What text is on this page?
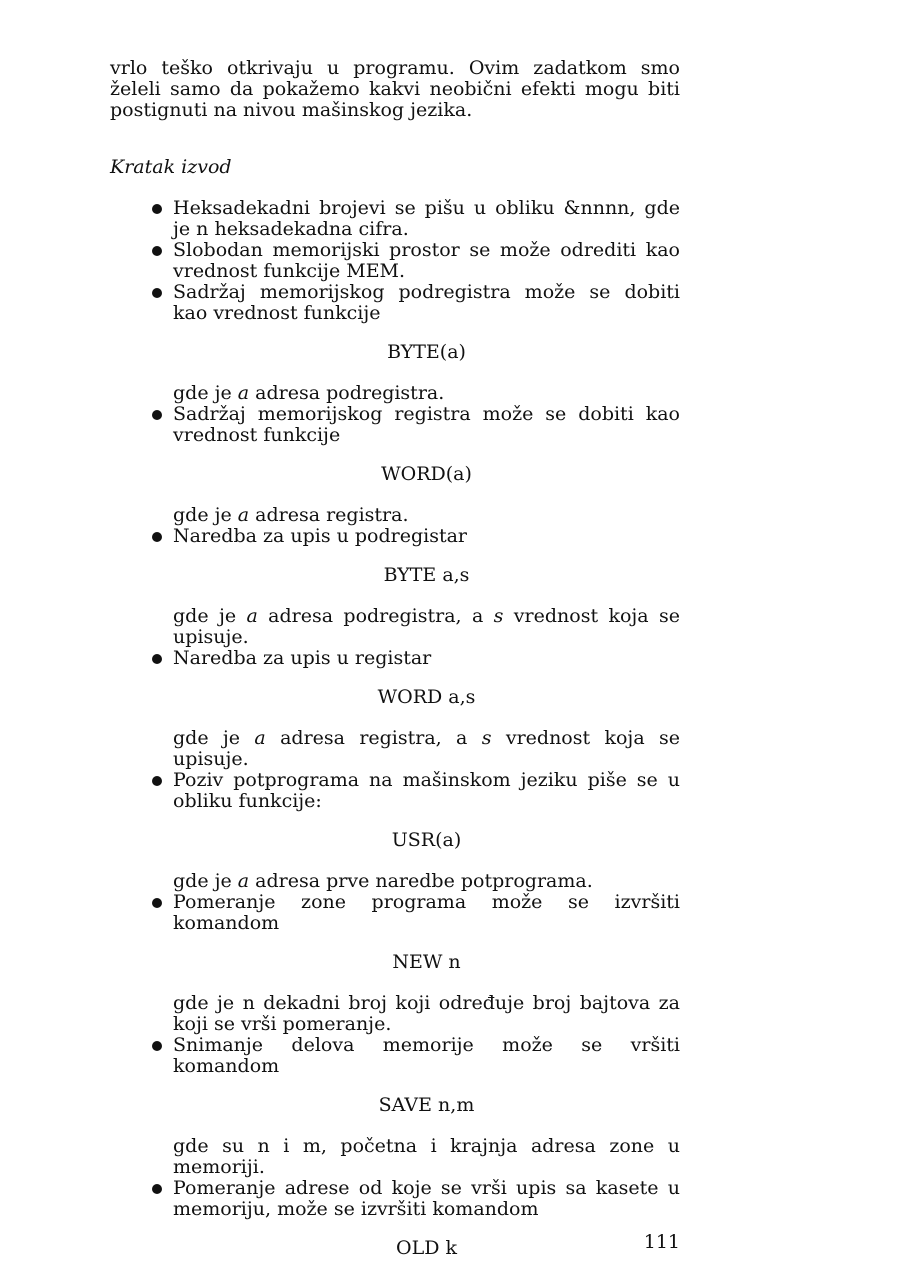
vrlo teško otkrivaju u programu. Ovim zadatkom smo želeli samo da pokažemo kakvi neobični efekti mogu biti postignuti na nivou mašinskog jezika.

Kratak izvod

Heksadekadni brojevi se pišu u obliku &nnnn, gde je n heksadekadna cifra.

Slobodan memorijski prostor se može odrediti kao vrednost funkcije MEM.

Sadržaj memorijskog podregistra može se dobiti kao vrednost funkcije

BYTE(a)

gde je a adresa podregistra.

Sadržaj memorijskog registra može se dobiti kao vrednost funkcije

WORD(a)

gde je a adresa registra.

Naredba za upis u podregistar

BYTE a,s

gde je a adresa podregistra, a s vrednost koja se upisuje.

Naredba za upis u registar

WORD a,s

gde je a adresa registra, a s vrednost koja se upisuje.

Poziv potprograma na mašinskom jeziku piše se u obliku funkcije:

USR(a)

gde je a adresa prve naredbe potprograma.

Pomeranje zone programa može se izvršiti komandom

NEW n

gde je n dekadni broj koji određuje broj bajtova za koji se vrši pomeranje.

Snimanje delova memorije može se vršiti komandom

SAVE n,m

gde su n i m, početna i krajnja adresa zone u memoriji.

Pomeranje adrese od koje se vrši upis sa kasete u memoriju, može se izvršiti komandom

OLD k	111
